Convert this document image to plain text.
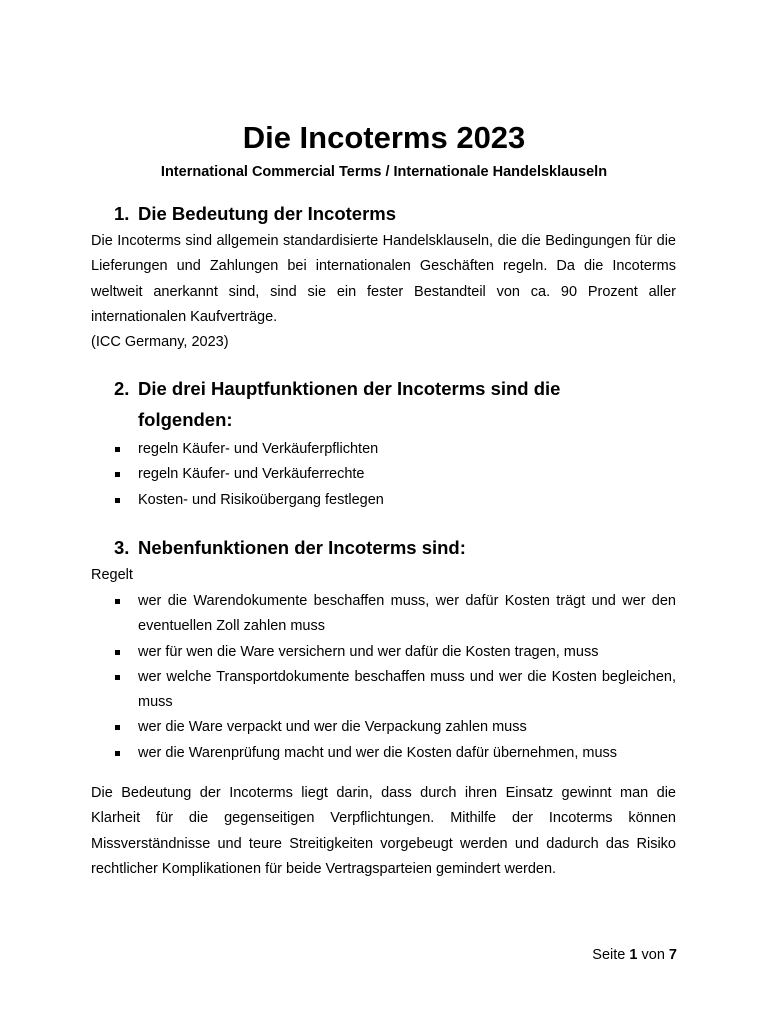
Die Incoterms 2023
International Commercial Terms / Internationale Handelsklauseln
1. Die Bedeutung der Incoterms
Die Incoterms sind allgemein standardisierte Handelsklauseln, die die Bedingungen für die Lieferungen und Zahlungen bei internationalen Geschäften regeln. Da die Incoterms weltweit anerkannt sind, sind sie ein fester Bestandteil von ca. 90 Prozent aller internationalen Kaufverträge.
(ICC Germany, 2023)
2. Die drei Hauptfunktionen der Incoterms sind die folgenden:
regeln Käufer- und Verkäuferpflichten
regeln Käufer- und Verkäuferrechte
Kosten- und Risikoübergang festlegen
3. Nebenfunktionen der Incoterms sind:
Regelt
wer die Warendokumente beschaffen muss, wer dafür Kosten trägt und wer den eventuellen Zoll zahlen muss
wer für wen die Ware versichern und wer dafür die Kosten tragen, muss
wer welche Transportdokumente beschaffen muss und wer die Kosten begleichen, muss
wer die Ware verpackt und wer die Verpackung zahlen muss
wer die Warenprüfung macht und wer die Kosten dafür übernehmen, muss
Die Bedeutung der Incoterms liegt darin, dass durch ihren Einsatz gewinnt man die Klarheit für die gegenseitigen Verpflichtungen. Mithilfe der Incoterms können Missverständnisse und teure Streitigkeiten vorgebeugt werden und dadurch das Risiko rechtlicher Komplikationen für beide Vertragsparteien gemindert werden.
Seite 1 von 7
